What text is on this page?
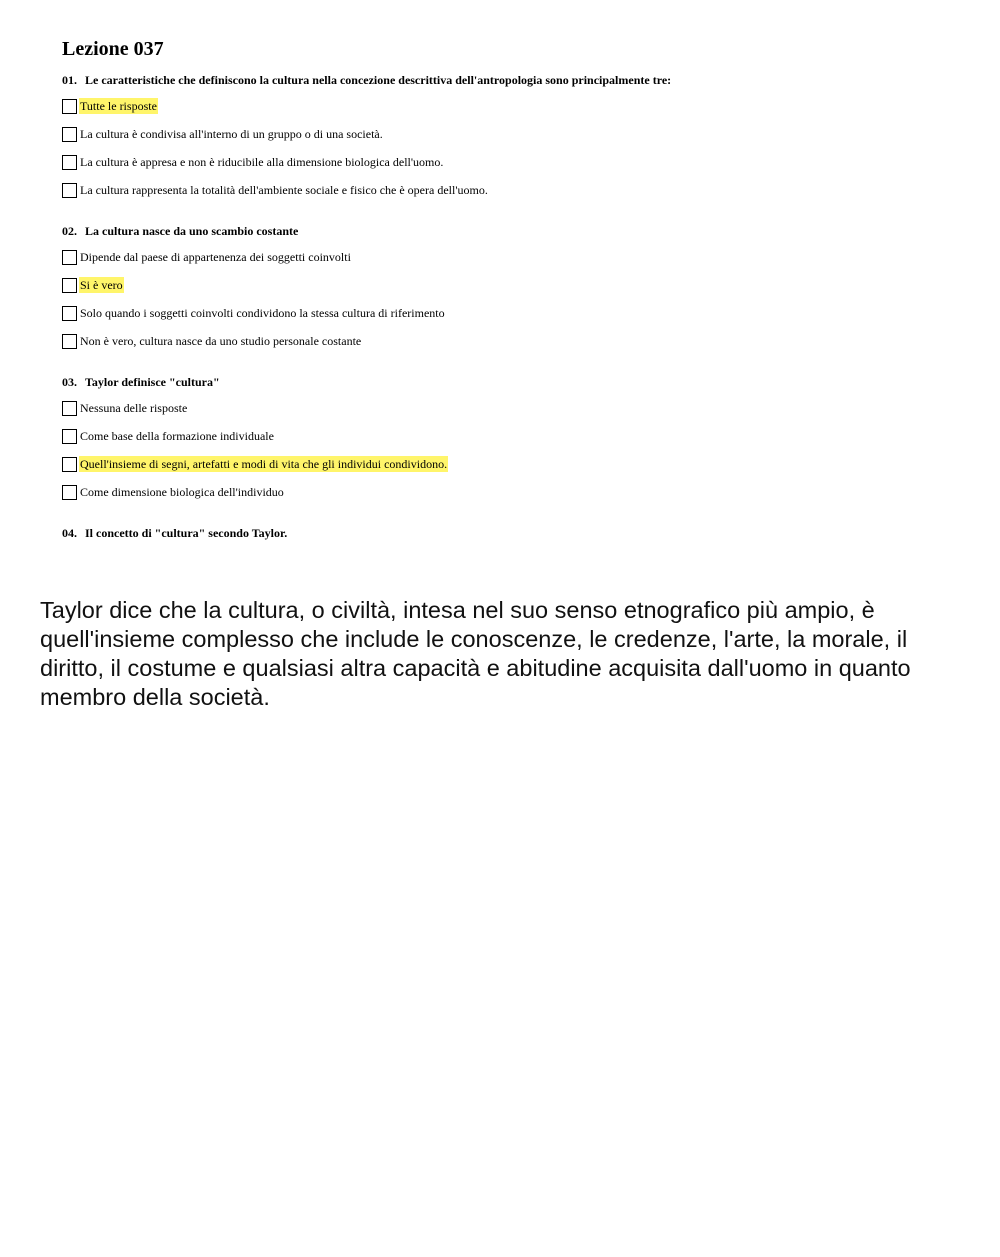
Lezione 037
01. Le caratteristiche che definiscono la cultura nella concezione descrittiva dell'antropologia sono principalmente tre:
Tutte le risposte
La cultura è condivisa all'interno di un gruppo o di una società.
La cultura è appresa e non è riducibile alla dimensione biologica dell'uomo.
La cultura rappresenta la totalità dell'ambiente sociale e fisico che è opera dell'uomo.
02. La cultura nasce da uno scambio costante
Dipende dal paese di appartenenza dei soggetti coinvolti
Si è vero
Solo quando i soggetti coinvolti condividono la stessa cultura di riferimento
Non è vero, cultura nasce da uno studio personale costante
03. Taylor definisce "cultura"
Nessuna delle risposte
Come base della formazione individuale
Quell'insieme di segni, artefatti e modi di vita che gli individui condividono.
Come dimensione biologica dell'individuo
04. Il concetto di "cultura" secondo Taylor.

Taylor dice che la cultura, o civiltà, intesa nel suo senso etnografico più ampio, è quell'insieme complesso che include le conoscenze, le credenze, l'arte, la morale, il diritto, il costume e qualsiasi altra capacità e abitudine acquisita dall'uomo in quanto membro della società.
